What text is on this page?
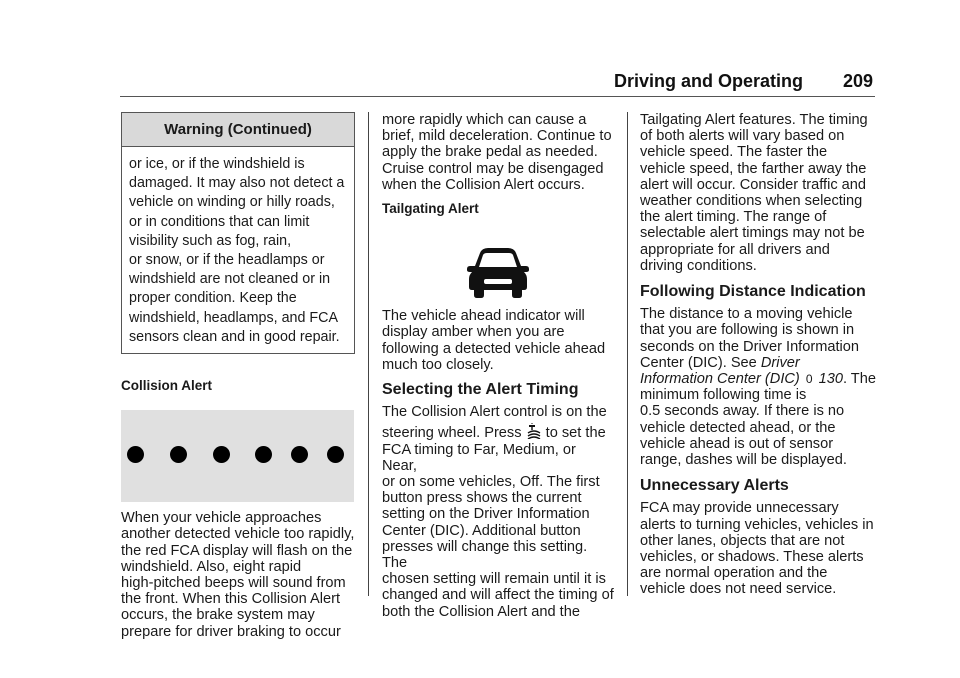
Driving and Operating 209
Warning (Continued)

or ice, or if the windshield is

damaged. It may also not detect a

vehicle on winding or hilly roads,

or in conditions that can limit

visibility such as fog, rain,

or snow, or if the headlamps or

windshield are not cleaned or in

proper condition. Keep the

windshield, headlamps, and FCA

sensors clean and in good repair.

Collision Alert

When your vehicle approaches

another detected vehicle too rapidly,

the red FCA display will flash on the

windshield. Also, eight rapid

high-pitched beeps will sound from

the front. When this Collision Alert

occurs, the brake system may

prepare for driver braking to occur

more rapidly which can cause a

brief, mild deceleration. Continue to

apply the brake pedal as needed.

Cruise control may be disengaged

when the Collision Alert occurs.

Tailgating Alert

The vehicle ahead indicator will

display amber when you are

following a detected vehicle ahead

much too closely.

Selecting the Alert Timing

The Collision Alert control is on the

steering wheel. Press to set the

FCA timing to Far, Medium, or Near,

or on some vehicles, Off. The first

button press shows the current

setting on the Driver Information

Center (DIC). Additional button

presses will change this setting. The

chosen setting will remain until it is

changed and will affect the timing of

both the Collision Alert and the

Tailgating Alert features. The timing

of both alerts will vary based on

vehicle speed. The faster the

vehicle speed, the farther away the

alert will occur. Consider traffic and

weather conditions when selecting

the alert timing. The range of

selectable alert timings may not be

appropriate for all drivers and

driving conditions.

Following Distance Indication

The distance to a moving vehicle

that you are following is shown in

seconds on the Driver Information

Center (DIC). See Driver

Information Center (DIC) 0 130. The

minimum following time is

0.5 seconds away. If there is no

vehicle detected ahead, or the

vehicle ahead is out of sensor

range, dashes will be displayed.

Unnecessary Alerts

FCA may provide unnecessary

alerts to turning vehicles, vehicles in

other lanes, objects that are not

vehicles, or shadows. These alerts

are normal operation and the

vehicle does not need service.
